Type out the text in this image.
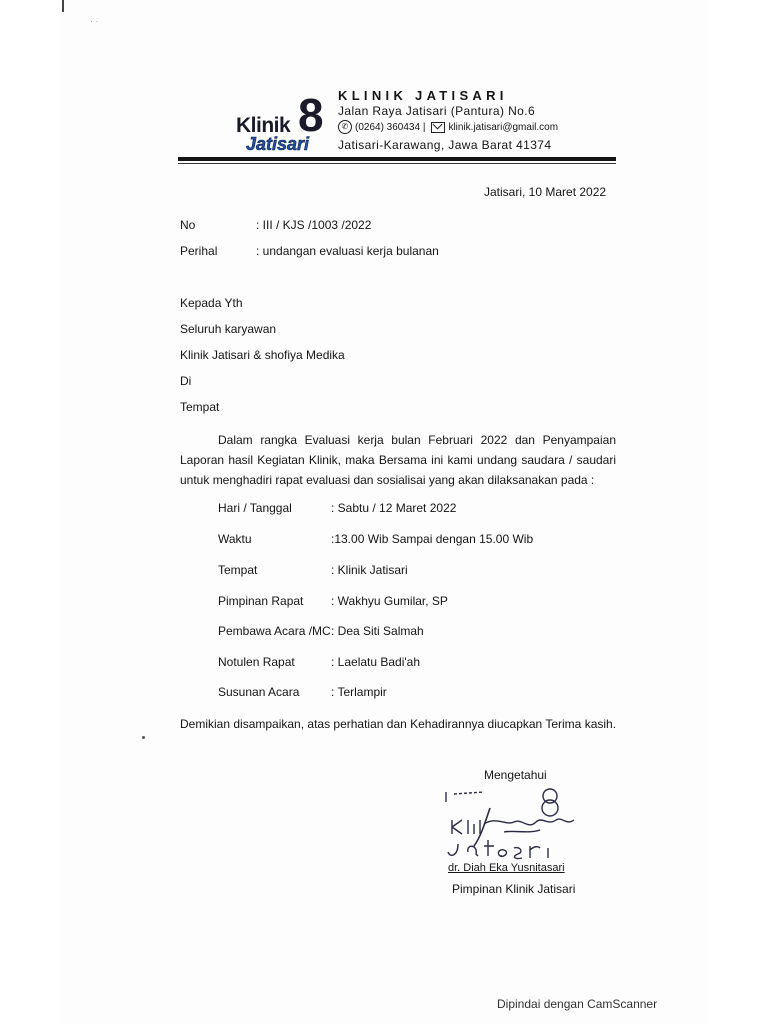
· ·
Klinik 8
Jatisari
KLINIK JATISARI
Jalan Raya Jatisari (Pantura) No.6
✆ (0264) 360434 | klinik.jatisari@gmail.com
Jatisari-Karawang, Jawa Barat 41374
Jatisari, 10 Maret 2022
No	: III / KJS /1003 /2022
Perihal	: undangan evaluasi kerja bulanan
Kepada Yth
Seluruh karyawan
Klinik Jatisari & shofiya Medika
Di
Tempat
Dalam rangka Evaluasi kerja bulan Februari 2022 dan Penyampaian
Laporan hasil Kegiatan Klinik, maka Bersama ini kami undang saudara / saudari
untuk menghadiri rapat evaluasi dan sosialisai yang akan dilaksanakan pada :
Hari / Tanggal	: Sabtu / 12 Maret 2022
Waktu	:13.00 Wib Sampai dengan 15.00 Wib
Tempat	: Klinik Jatisari
Pimpinan Rapat : Wakhyu Gumilar, SP
Pembawa Acara /MC : Dea Siti Salmah
Notulen Rapat	: Laelatu Badi'ah
Susunan Acara	: Terlampir
Demikian disampaikan, atas perhatian dan Kehadirannya diucapkan Terima kasih.
Mengetahui
dr. Diah Eka Yusnitasari
Pimpinan Klinik Jatisari
Dipindai dengan CamScanner
